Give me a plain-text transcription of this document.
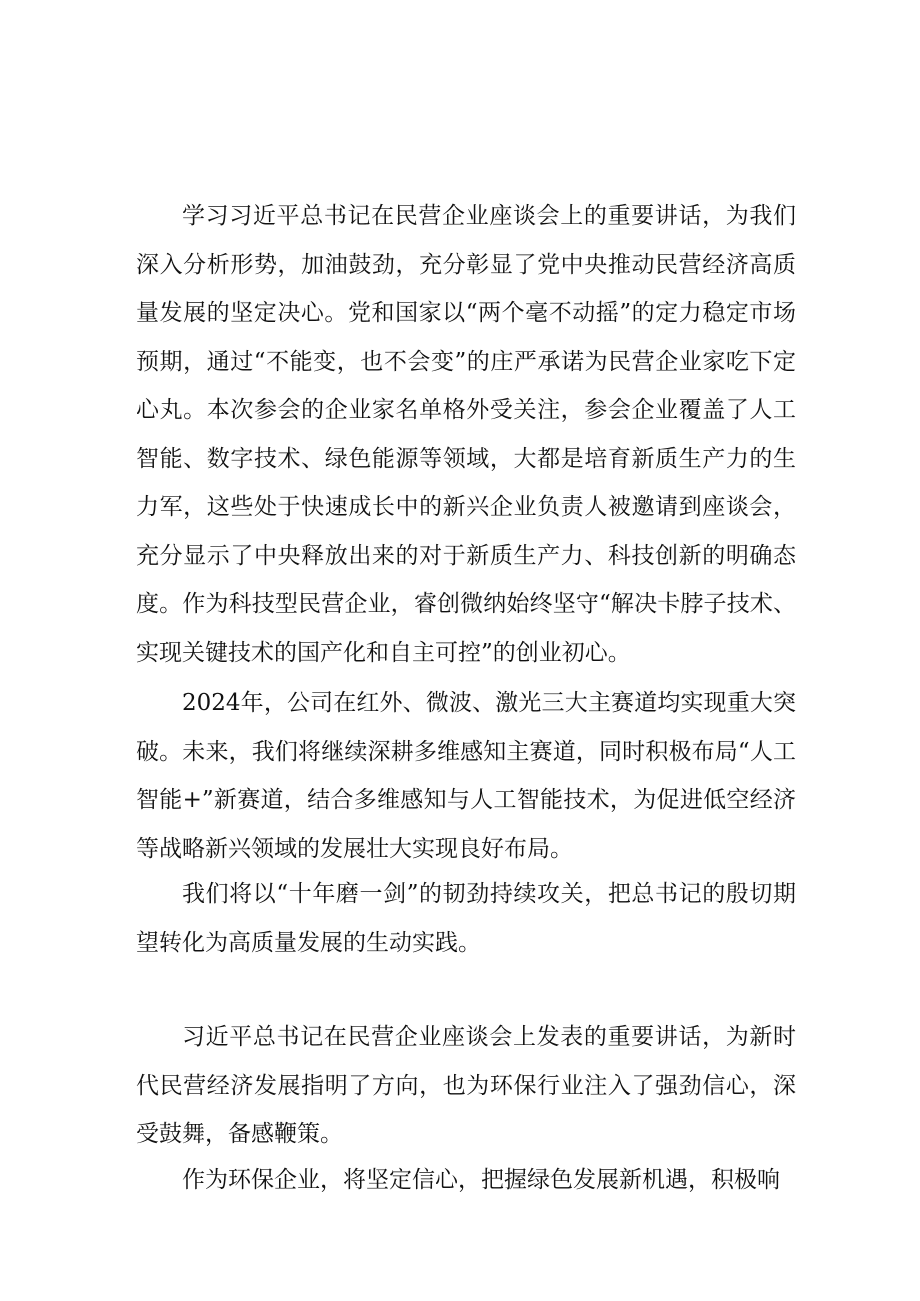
学习习近平总书记在民营企业座谈会上的重要讲话，为我们深入分析形势，加油鼓劲，充分彰显了党中央推动民营经济高质量发展的坚定决心。党和国家以“两个毫不动摇”的定力稳定市场预期，通过“不能变，也不会变”的庄严承诺为民营企业家吃下定心丸。本次参会的企业家名单格外受关注，参会企业覆盖了人工智能、数字技术、绿色能源等领域，大都是培育新质生产力的生力军，这些处于快速成长中的新兴企业负责人被邀请到座谈会，充分显示了中央释放出来的对于新质生产力、科技创新的明确态度。作为科技型民营企业，睿创微纳始终坚守“解决卡脖子技术、实现关键技术的国产化和自主可控”的创业初心。

2024年，公司在红外、微波、激光三大主赛道均实现重大突破。未来，我们将继续深耕多维感知主赛道，同时积极布局“人工智能+”新赛道，结合多维感知与人工智能技术，为促进低空经济等战略新兴领域的发展壮大实现良好布局。

我们将以“十年磨一剑”的韧劲持续攻关，把总书记的殷切期望转化为高质量发展的生动实践。

习近平总书记在民营企业座谈会上发表的重要讲话，为新时代民营经济发展指明了方向，也为环保行业注入了强劲信心，深受鼓舞，备感鞭策。

作为环保企业，将坚定信心，把握绿色发展新机遇，积极响
